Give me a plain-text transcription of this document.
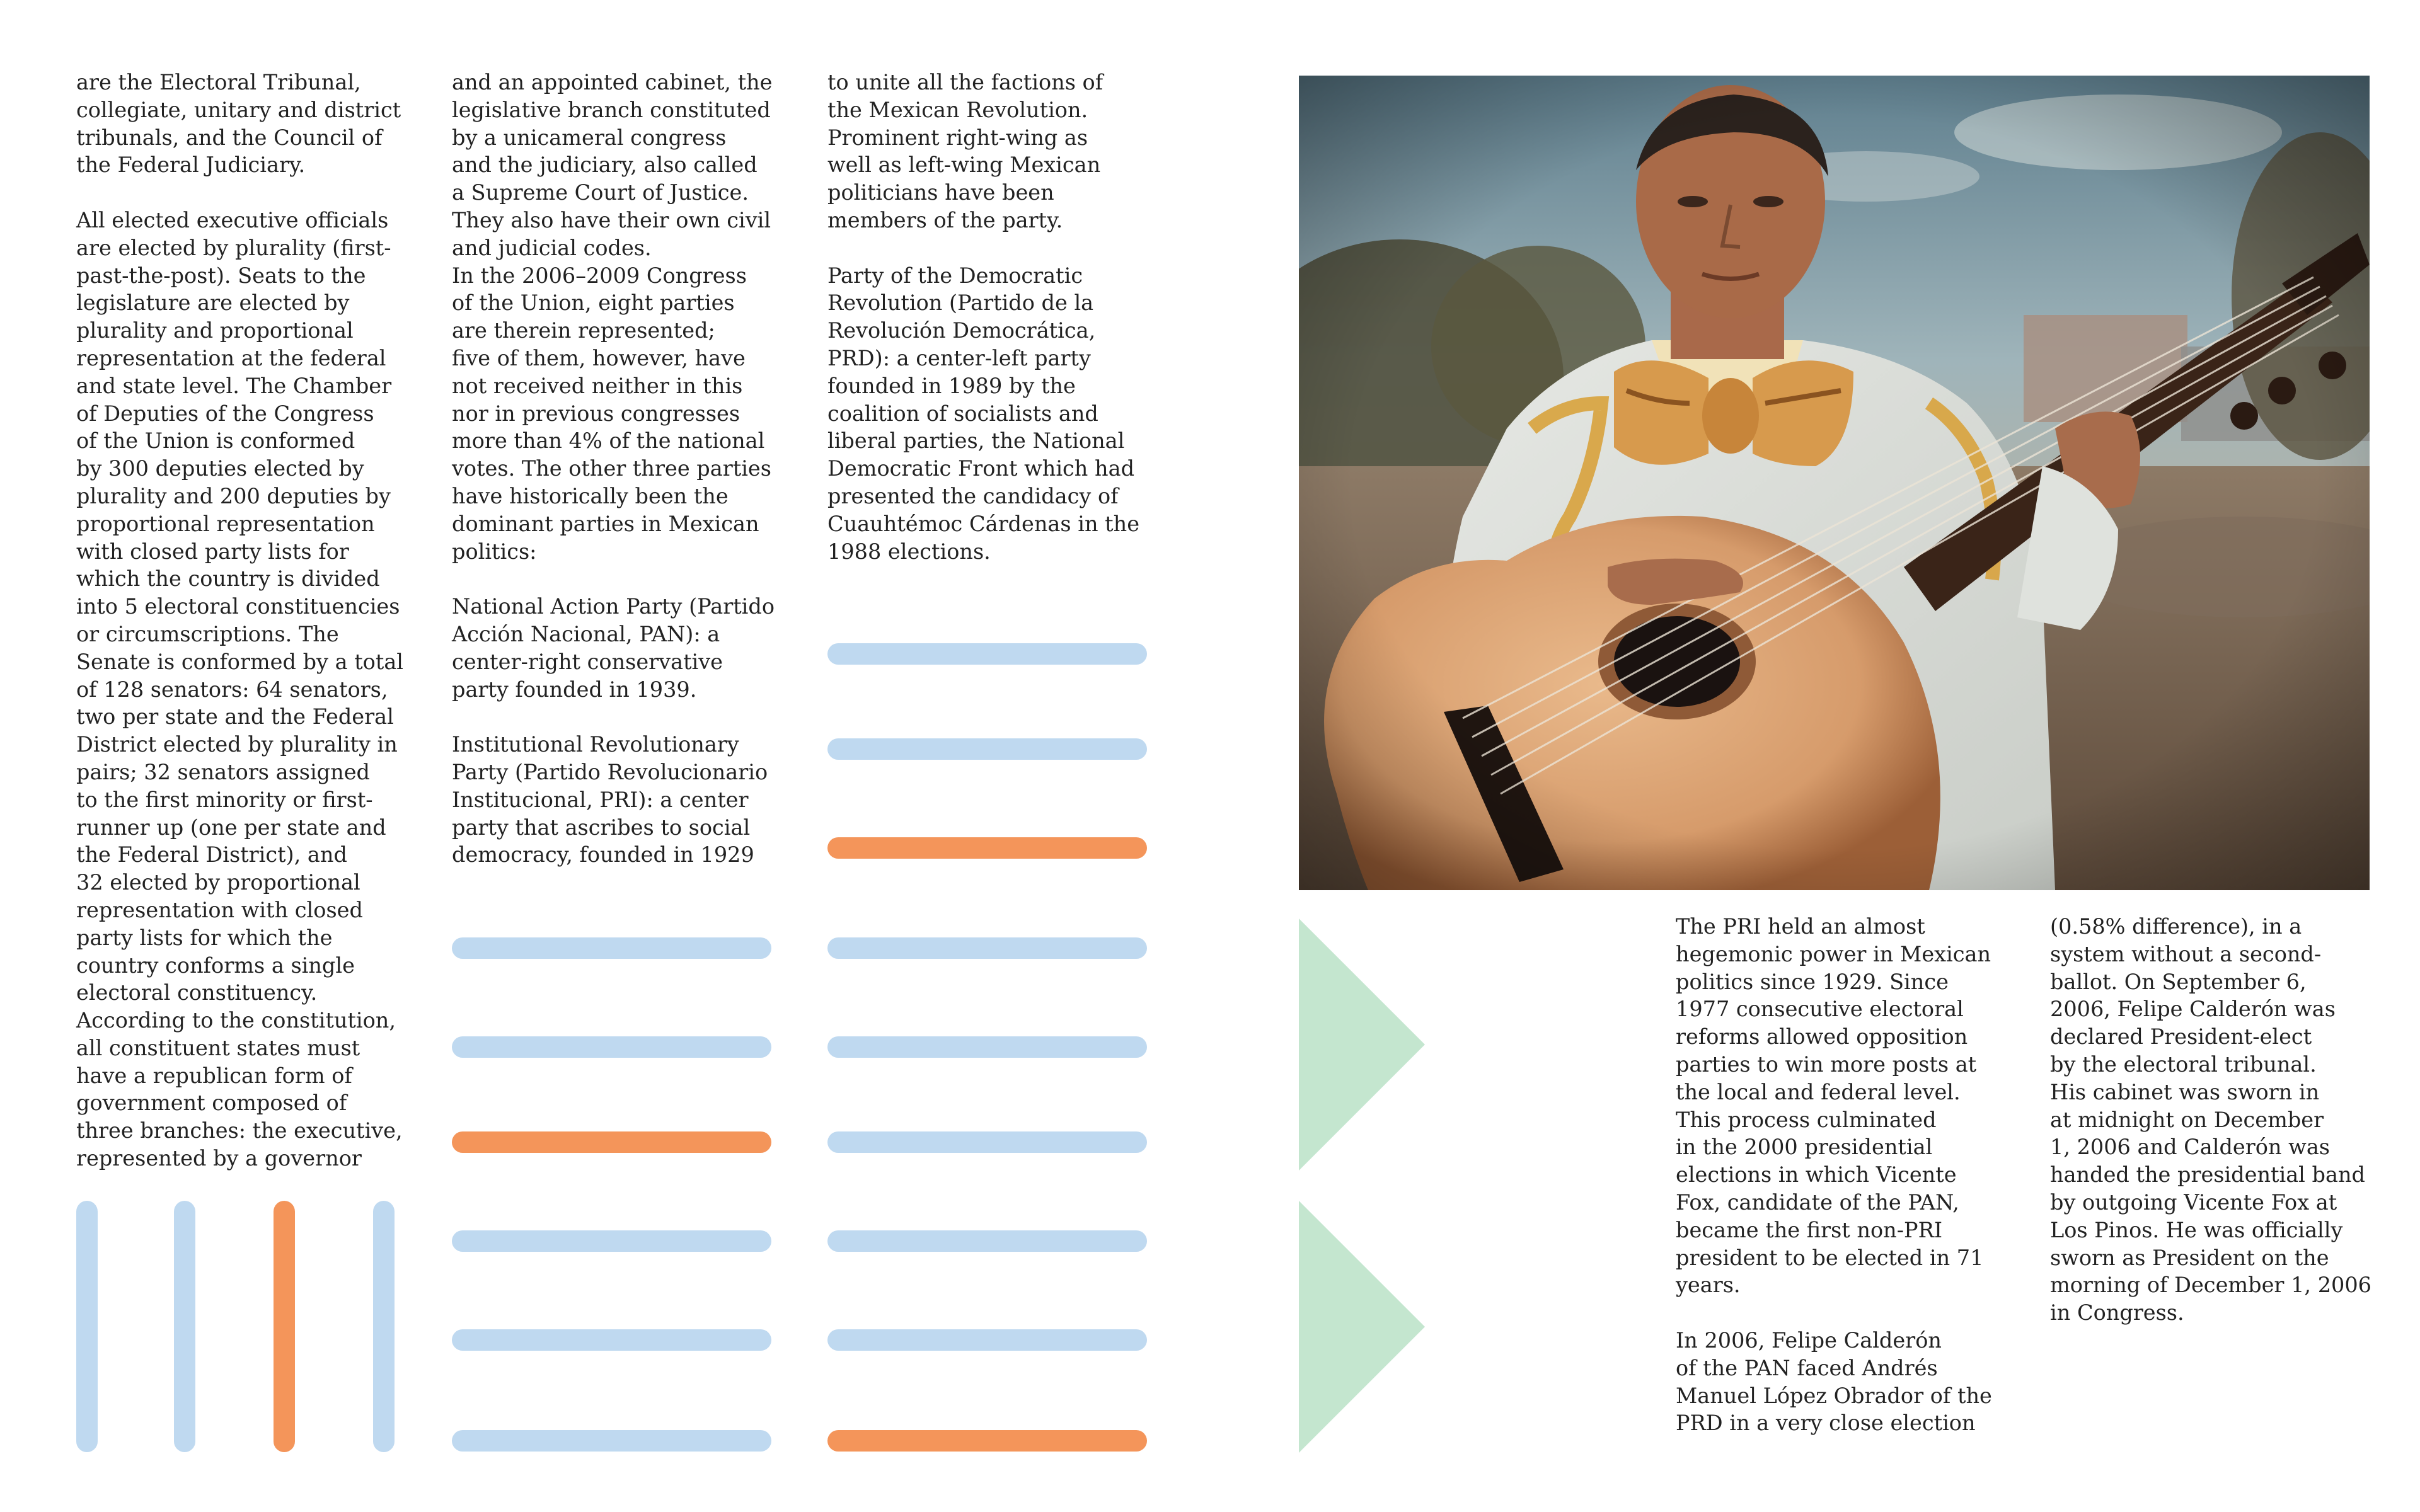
are the Electoral Tribunal,
collegiate, unitary and district
tribunals, and the Council of
the Federal Judiciary.

All elected executive officials
are elected by plurality (first-
past-the-post). Seats to the
legislature are elected by
plurality and proportional
representation at the federal
and state level. The Chamber
of Deputies of the Congress
of the Union is conformed
by 300 deputies elected by
plurality and 200 deputies by
proportional representation
with closed party lists for
which the country is divided
into 5 electoral constituencies
or circumscriptions. The
Senate is conformed by a total
of 128 senators: 64 senators,
two per state and the Federal
District elected by plurality in
pairs; 32 senators assigned
to the first minority or first-
runner up (one per state and
the Federal District), and
32 elected by proportional
representation with closed
party lists for which the
country conforms a single
electoral constituency.
According to the constitution,
all constituent states must
have a republican form of
government composed of
three branches: the executive,
represented by a governor

and an appointed cabinet, the
legislative branch constituted
by a unicameral congress
and the judiciary, also called
a Supreme Court of Justice.
They also have their own civil
and judicial codes.
In the 2006–2009 Congress
of the Union, eight parties
are therein represented;
five of them, however, have
not received neither in this
nor in previous congresses
more than 4% of the national
votes. The other three parties
have historically been the
dominant parties in Mexican
politics:

National Action Party (Partido
Acción Nacional, PAN): a
center-right conservative
party founded in 1939.

Institutional Revolutionary
Party (Partido Revolucionario
Institucional, PRI): a center
party that ascribes to social
democracy, founded in 1929

to unite all the factions of
the Mexican Revolution.
Prominent right-wing as
well as left-wing Mexican
politicians have been
members of the party.

Party of the Democratic
Revolution (Partido de la
Revolución Democrática,
PRD): a center-left party
founded in 1989 by the
coalition of socialists and
liberal parties, the National
Democratic Front which had
presented the candidacy of
Cuauhtémoc Cárdenas in the
1988 elections.

The PRI held an almost
hegemonic power in Mexican
politics since 1929. Since
1977 consecutive electoral
reforms allowed opposition
parties to win more posts at
the local and federal level.
This process culminated
in the 2000 presidential
elections in which Vicente
Fox, candidate of the PAN,
became the first non-PRI
president to be elected in 71
years.

In 2006, Felipe Calderón
of the PAN faced Andrés
Manuel López Obrador of the
PRD in a very close election

(0.58% difference), in a
system without a second-
ballot. On September 6,
2006, Felipe Calderón was
declared President-elect
by the electoral tribunal.
His cabinet was sworn in
at midnight on December
1, 2006 and Calderón was
handed the presidential band
by outgoing Vicente Fox at
Los Pinos. He was officially
sworn as President on the
morning of December 1, 2006
in Congress.
